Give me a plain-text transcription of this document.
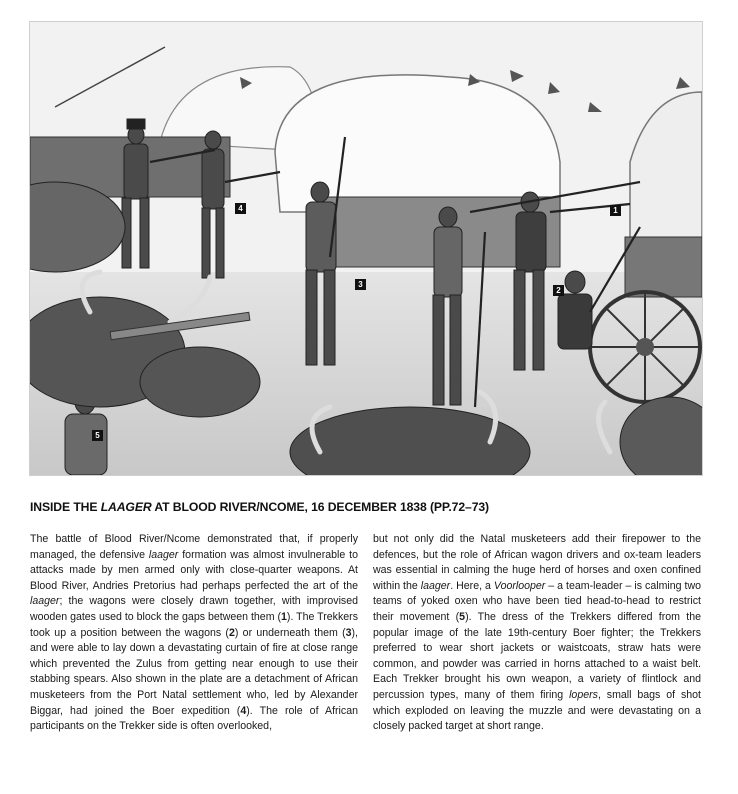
1
2
3
4
5
INSIDE THE LAAGER AT BLOOD RIVER/NCOME, 16 DECEMBER 1838 (PP.72–73)

The battle of Blood River/Ncome demonstrated that, if properly managed, the defensive laager formation was almost invulnerable to attacks made by men armed only with close-quarter weapons. At Blood River, Andries Pretorius had perhaps perfected the art of the laager; the wagons were closely drawn together, with improvised wooden gates used to block the gaps between them (1). The Trekkers took up a position between the wagons (2) or underneath them (3), and were able to lay down a devastating curtain of fire at close range which prevented the Zulus from getting near enough to use their stabbing spears. Also shown in the plate are a detachment of African musketeers from the Port Natal settlement who, led by Alexander Biggar, had joined the Boer expedition (4). The role of African participants on the Trekker side is often overlooked,

but not only did the Natal musketeers add their firepower to the defences, but the role of African wagon drivers and ox-team leaders was essential in calming the huge herd of horses and oxen confined within the laager. Here, a Voorlooper – a team-leader – is calming two teams of yoked oxen who have been tied head-to-head to restrict their movement (5). The dress of the Trekkers differed from the popular image of the late 19th-century Boer fighter; the Trekkers preferred to wear short jackets or waistcoats, straw hats were common, and powder was carried in horns attached to a waist belt. Each Trekker brought his own weapon, a variety of flintlock and percussion types, many of them firing lopers, small bags of shot which exploded on leaving the muzzle and were devastating on a closely packed target at short range.
